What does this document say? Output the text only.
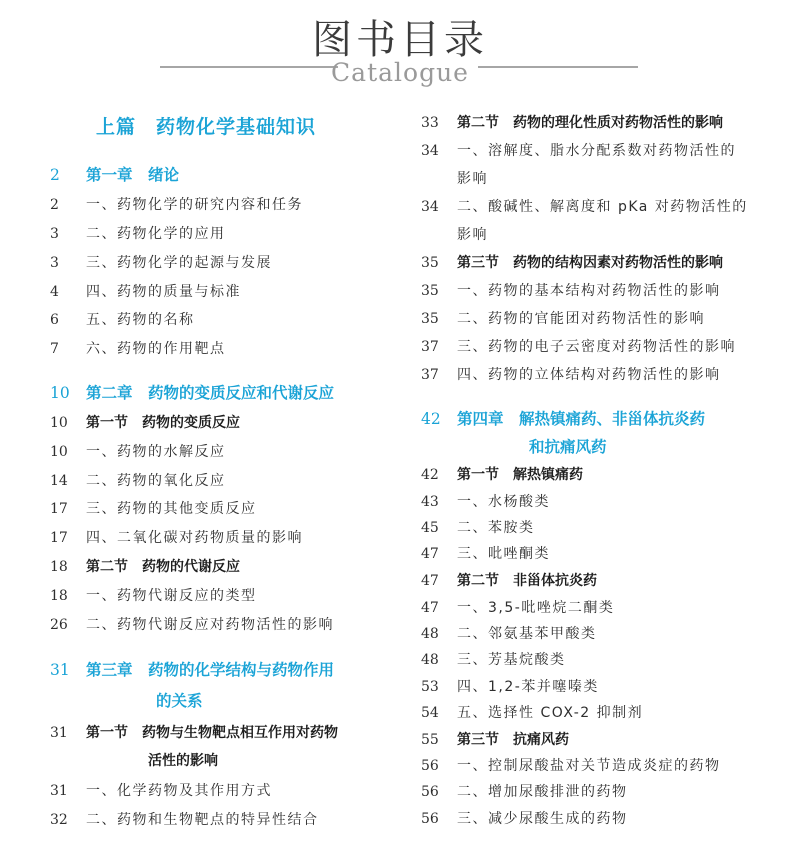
图书目录
Catalogue
上篇　药物化学基础知识
2	第一章　绪论
2	一、药物化学的研究内容和任务
3	二、药物化学的应用
3	三、药物化学的起源与发展
4	四、药物的质量与标准
6	五、药物的名称
7	六、药物的作用靶点
10	第二章　药物的变质反应和代谢反应
10	第一节　药物的变质反应
10	一、药物的水解反应
14	二、药物的氧化反应
17	三、药物的其他变质反应
17	四、二氧化碳对药物质量的影响
18	第二节　药物的代谢反应
18	一、药物代谢反应的类型
26	二、药物代谢反应对药物活性的影响
31	第三章　药物的化学结构与药物作用
的关系
31	第一节　药物与生物靶点相互作用对药物
活性的影响
31	一、化学药物及其作用方式
32	二、药物和生物靶点的特异性结合
33	第二节　药物的理化性质对药物活性的影响
34	一、溶解度、脂水分配系数对药物活性的
影响
34	二、酸碱性、解离度和 pKa 对药物活性的
影响
35	第三节　药物的结构因素对药物活性的影响
35	一、药物的基本结构对药物活性的影响
35	二、药物的官能团对药物活性的影响
37	三、药物的电子云密度对药物活性的影响
37	四、药物的立体结构对药物活性的影响
42	第四章　解热镇痛药、非甾体抗炎药
和抗痛风药
42	第一节　解热镇痛药
43	一、水杨酸类
45	二、苯胺类
47	三、吡唑酮类
47	第二节　非甾体抗炎药
47	一、3,5-吡唑烷二酮类
48	二、邻氨基苯甲酸类
48	三、芳基烷酸类
53	四、1,2-苯并噻嗪类
54	五、选择性 COX-2 抑制剂
55	第三节　抗痛风药
56	一、控制尿酸盐对关节造成炎症的药物
56	二、增加尿酸排泄的药物
56	三、减少尿酸生成的药物
